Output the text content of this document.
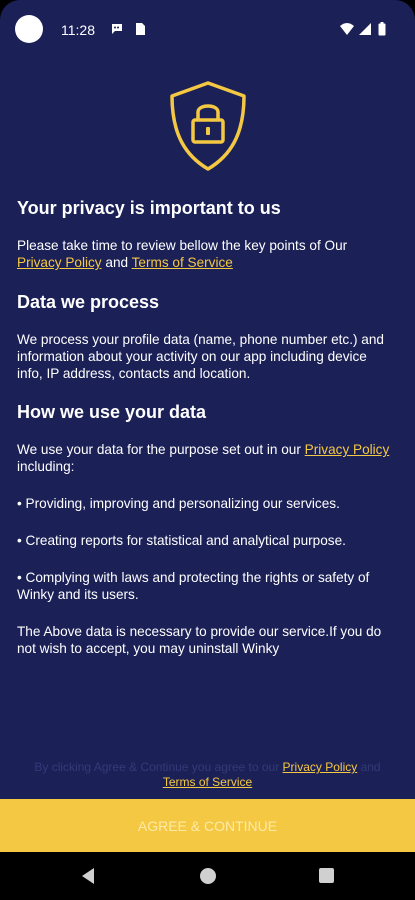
11:28

Your privacy is important to us

Please take time to review bellow the key points of Our
Privacy Policy and Terms of Service

Data we process

We process your profile data (name, phone number etc.) and information about your activity on our app including device info, IP address, contacts and location.

How we use your data

We use your data for the purpose set out in our Privacy Policy including:

• Providing, improving and personalizing our services.

• Creating reports for statistical and analytical purpose.

• Complying with laws and protecting the rights or safety of Winky and its users.

The Above data is necessary to provide our service.If you do not wish to accept, you may uninstall Winky

By clicking Agree & Continue you agree to our Privacy Policy and
Terms of Service
AGREE & CONTINUE
